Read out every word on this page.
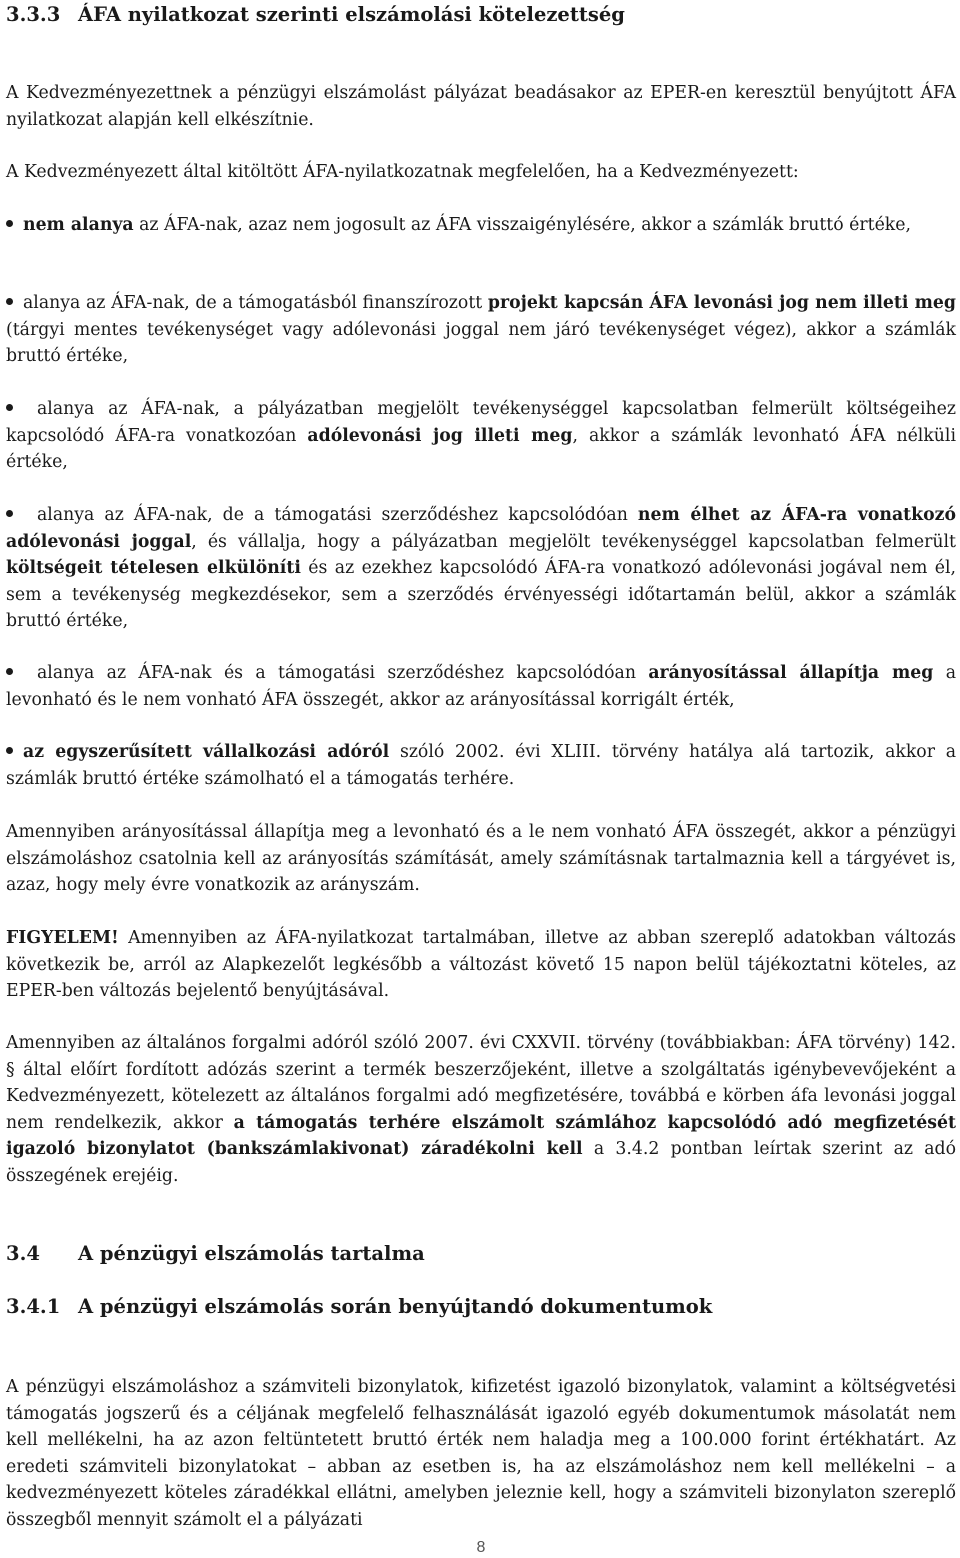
3.3.3 ÁFA nyilatkozat szerinti elszámolási kötelezettség

A Kedvezményezettnek a pénzügyi elszámolást pályázat beadásakor az EPER-en keresztül benyújtott ÁFA nyilatkozat alapján kell elkészítnie.

A Kedvezményezett által kitöltött ÁFA-nyilatkozatnak megfelelően, ha a Kedvezményezett:

nem alanya az ÁFA-nak, azaz nem jogosult az ÁFA visszaigénylésére, akkor a számlák bruttó értéke,

alanya az ÁFA-nak, de a támogatásból finanszírozott projekt kapcsán ÁFA levonási jog nem illeti meg (tárgyi mentes tevékenységet vagy adólevonási joggal nem járó tevékenységet végez), akkor a számlák bruttó értéke,

alanya az ÁFA-nak, a pályázatban megjelölt tevékenységgel kapcsolatban felmerült költségeihez kapcsolódó ÁFA-ra vonatkozóan adólevonási jog illeti meg, akkor a számlák levonható ÁFA nélküli értéke,

alanya az ÁFA-nak, de a támogatási szerződéshez kapcsolódóan nem élhet az ÁFA-ra vonatkozó adólevonási joggal, és vállalja, hogy a pályázatban megjelölt tevékenységgel kapcsolatban felmerült költségeit tételesen elkülöníti és az ezekhez kapcsolódó ÁFA-ra vonatkozó adólevonási jogával nem él, sem a tevékenység megkezdésekor, sem a szerződés érvényességi időtartamán belül, akkor a számlák bruttó értéke,

alanya az ÁFA-nak és a támogatási szerződéshez kapcsolódóan arányosítással állapítja meg a levonható és le nem vonható ÁFA összegét, akkor az arányosítással korrigált érték,

az egyszerűsített vállalkozási adóról szóló 2002. évi XLIII. törvény hatálya alá tartozik, akkor a számlák bruttó értéke számolható el a támogatás terhére.

Amennyiben arányosítással állapítja meg a levonható és a le nem vonható ÁFA összegét, akkor a pénzügyi elszámoláshoz csatolnia kell az arányosítás számítását, amely számításnak tartalmaznia kell a tárgyévet is, azaz, hogy mely évre vonatkozik az arányszám.

FIGYELEM! Amennyiben az ÁFA-nyilatkozat tartalmában, illetve az abban szereplő adatokban változás következik be, arról az Alapkezelőt legkésőbb a változást követő 15 napon belül tájékoztatni köteles, az EPER-ben változás bejelentő benyújtásával.

Amennyiben az általános forgalmi adóról szóló 2007. évi CXXVII. törvény (továbbiakban: ÁFA törvény) 142. § által előírt fordított adózás szerint a termék beszerzőjeként, illetve a szolgáltatás igénybevevőjeként a Kedvezményezett, kötelezett az általános forgalmi adó megfizetésére, továbbá e körben áfa levonási joggal nem rendelkezik, akkor a támogatás terhére elszámolt számlához kapcsolódó adó megfizetését igazoló bizonylatot (bankszámlakivonat) záradékolni kell a 3.4.2 pontban leírtak szerint az adó összegének erejéig.

3.4 A pénzügyi elszámolás tartalma
3.4.1 A pénzügyi elszámolás során benyújtandó dokumentumok

A pénzügyi elszámoláshoz a számviteli bizonylatok, kifizetést igazoló bizonylatok, valamint a költségvetési támogatás jogszerű és a céljának megfelelő felhasználását igazoló egyéb dokumentumok másolatát nem kell mellékelni, ha az azon feltüntetett bruttó érték nem haladja meg a 100.000 forint értékhatárt. Az eredeti számviteli bizonylatokat – abban az esetben is, ha az elszámoláshoz nem kell mellékelni – a kedvezményezett köteles záradékkal ellátni, amelyben jeleznie kell, hogy a számviteli bizonylaton szereplő összegből mennyit számolt el a pályázati

8
